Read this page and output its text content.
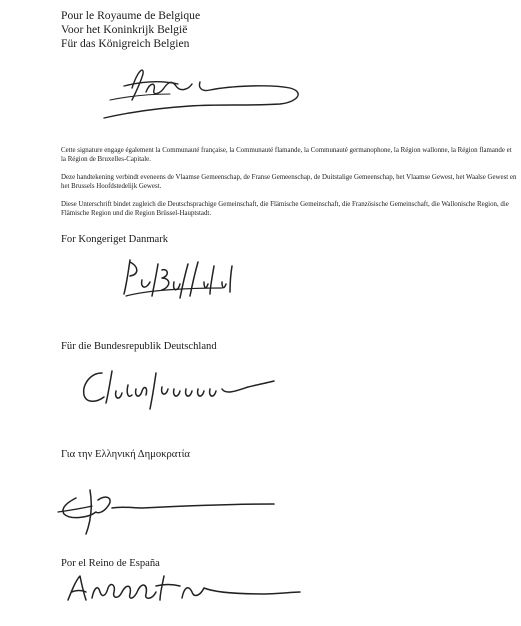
Pour le Royaume de Belgique
Voor het Koninkrijk België
Für das Königreich Belgien

Cette signature engage également la Communauté française, la Communauté flamande, la Communauté germanophone, la Région wallonne, la Région flamande et la Région de Bruxelles-Capitale.

Deze handtekening verbindt eveneens de Vlaamse Gemeenschap, de Franse Gemeenschap, de Duitstalige Gemeenschap, het Vlaamse Gewest, het Waalse Gewest en het Brussels Hoofdstedelijk Gewest.

Diese Unterschrift bindet zugleich die Deutschsprachige Gemeinschaft, die Flämische Gemeinschaft, die Französische Gemeinschaft, die Wallonische Region, die Flämische Region und die Region Brüssel-Hauptstadt.

For Kongeriget Danmark
Für die Bundesrepublik Deutschland
Για την Ελληνική Δημοκρατία
Por el Reino de España
